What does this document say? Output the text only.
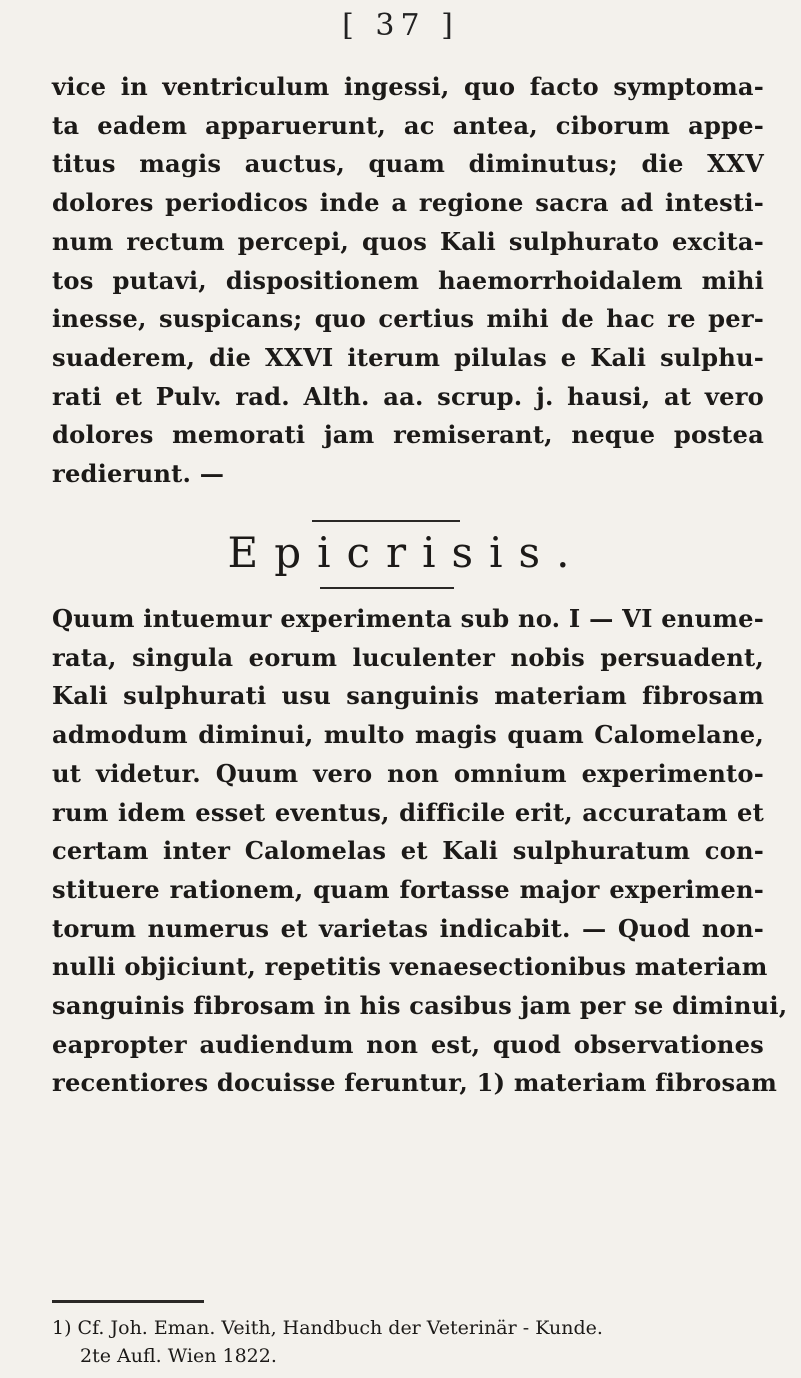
[ 37 ]
vice in ventriculum ingessi, quo facto symptoma-
ta eadem apparuerunt, ac antea, ciborum appe-
titus magis auctus, quam diminutus; die XXV
dolores periodicos inde a regione sacra ad intesti-
num rectum percepi, quos Kali sulphurato excita-
tos putavi, dispositionem haemorrhoidalem mihi
inesse, suspicans; quo certius mihi de hac re per-
suaderem, die XXVI iterum pilulas e Kali sulphu-
rati et Pulv. rad. Alth. aa. scrup. j. hausi, at vero
dolores memorati jam remiserant, neque postea
redierunt. —
Epicrisis.
Quum intuemur experimenta sub no. I — VI enume-
rata, singula eorum luculenter nobis persuadent,
Kali sulphurati usu sanguinis materiam fibrosam
admodum diminui, multo magis quam Calomelane,
ut videtur. Quum vero non omnium experimento-
rum idem esset eventus, difficile erit, accuratam et
certam inter Calomelas et Kali sulphuratum con-
stituere rationem, quam fortasse major experimen-
torum numerus et varietas indicabit. — Quod non-
nulli objiciunt, repetitis venaesectionibus materiam
sanguinis fibrosam in his casibus jam per se diminui,
eapropter audiendum non est, quod observationes
recentiores docuisse feruntur, 1) materiam fibrosam
1) Cf. Joh. Eman. Veith, Handbuch der Veterinär - Kunde.
2te Aufl. Wien 1822.
